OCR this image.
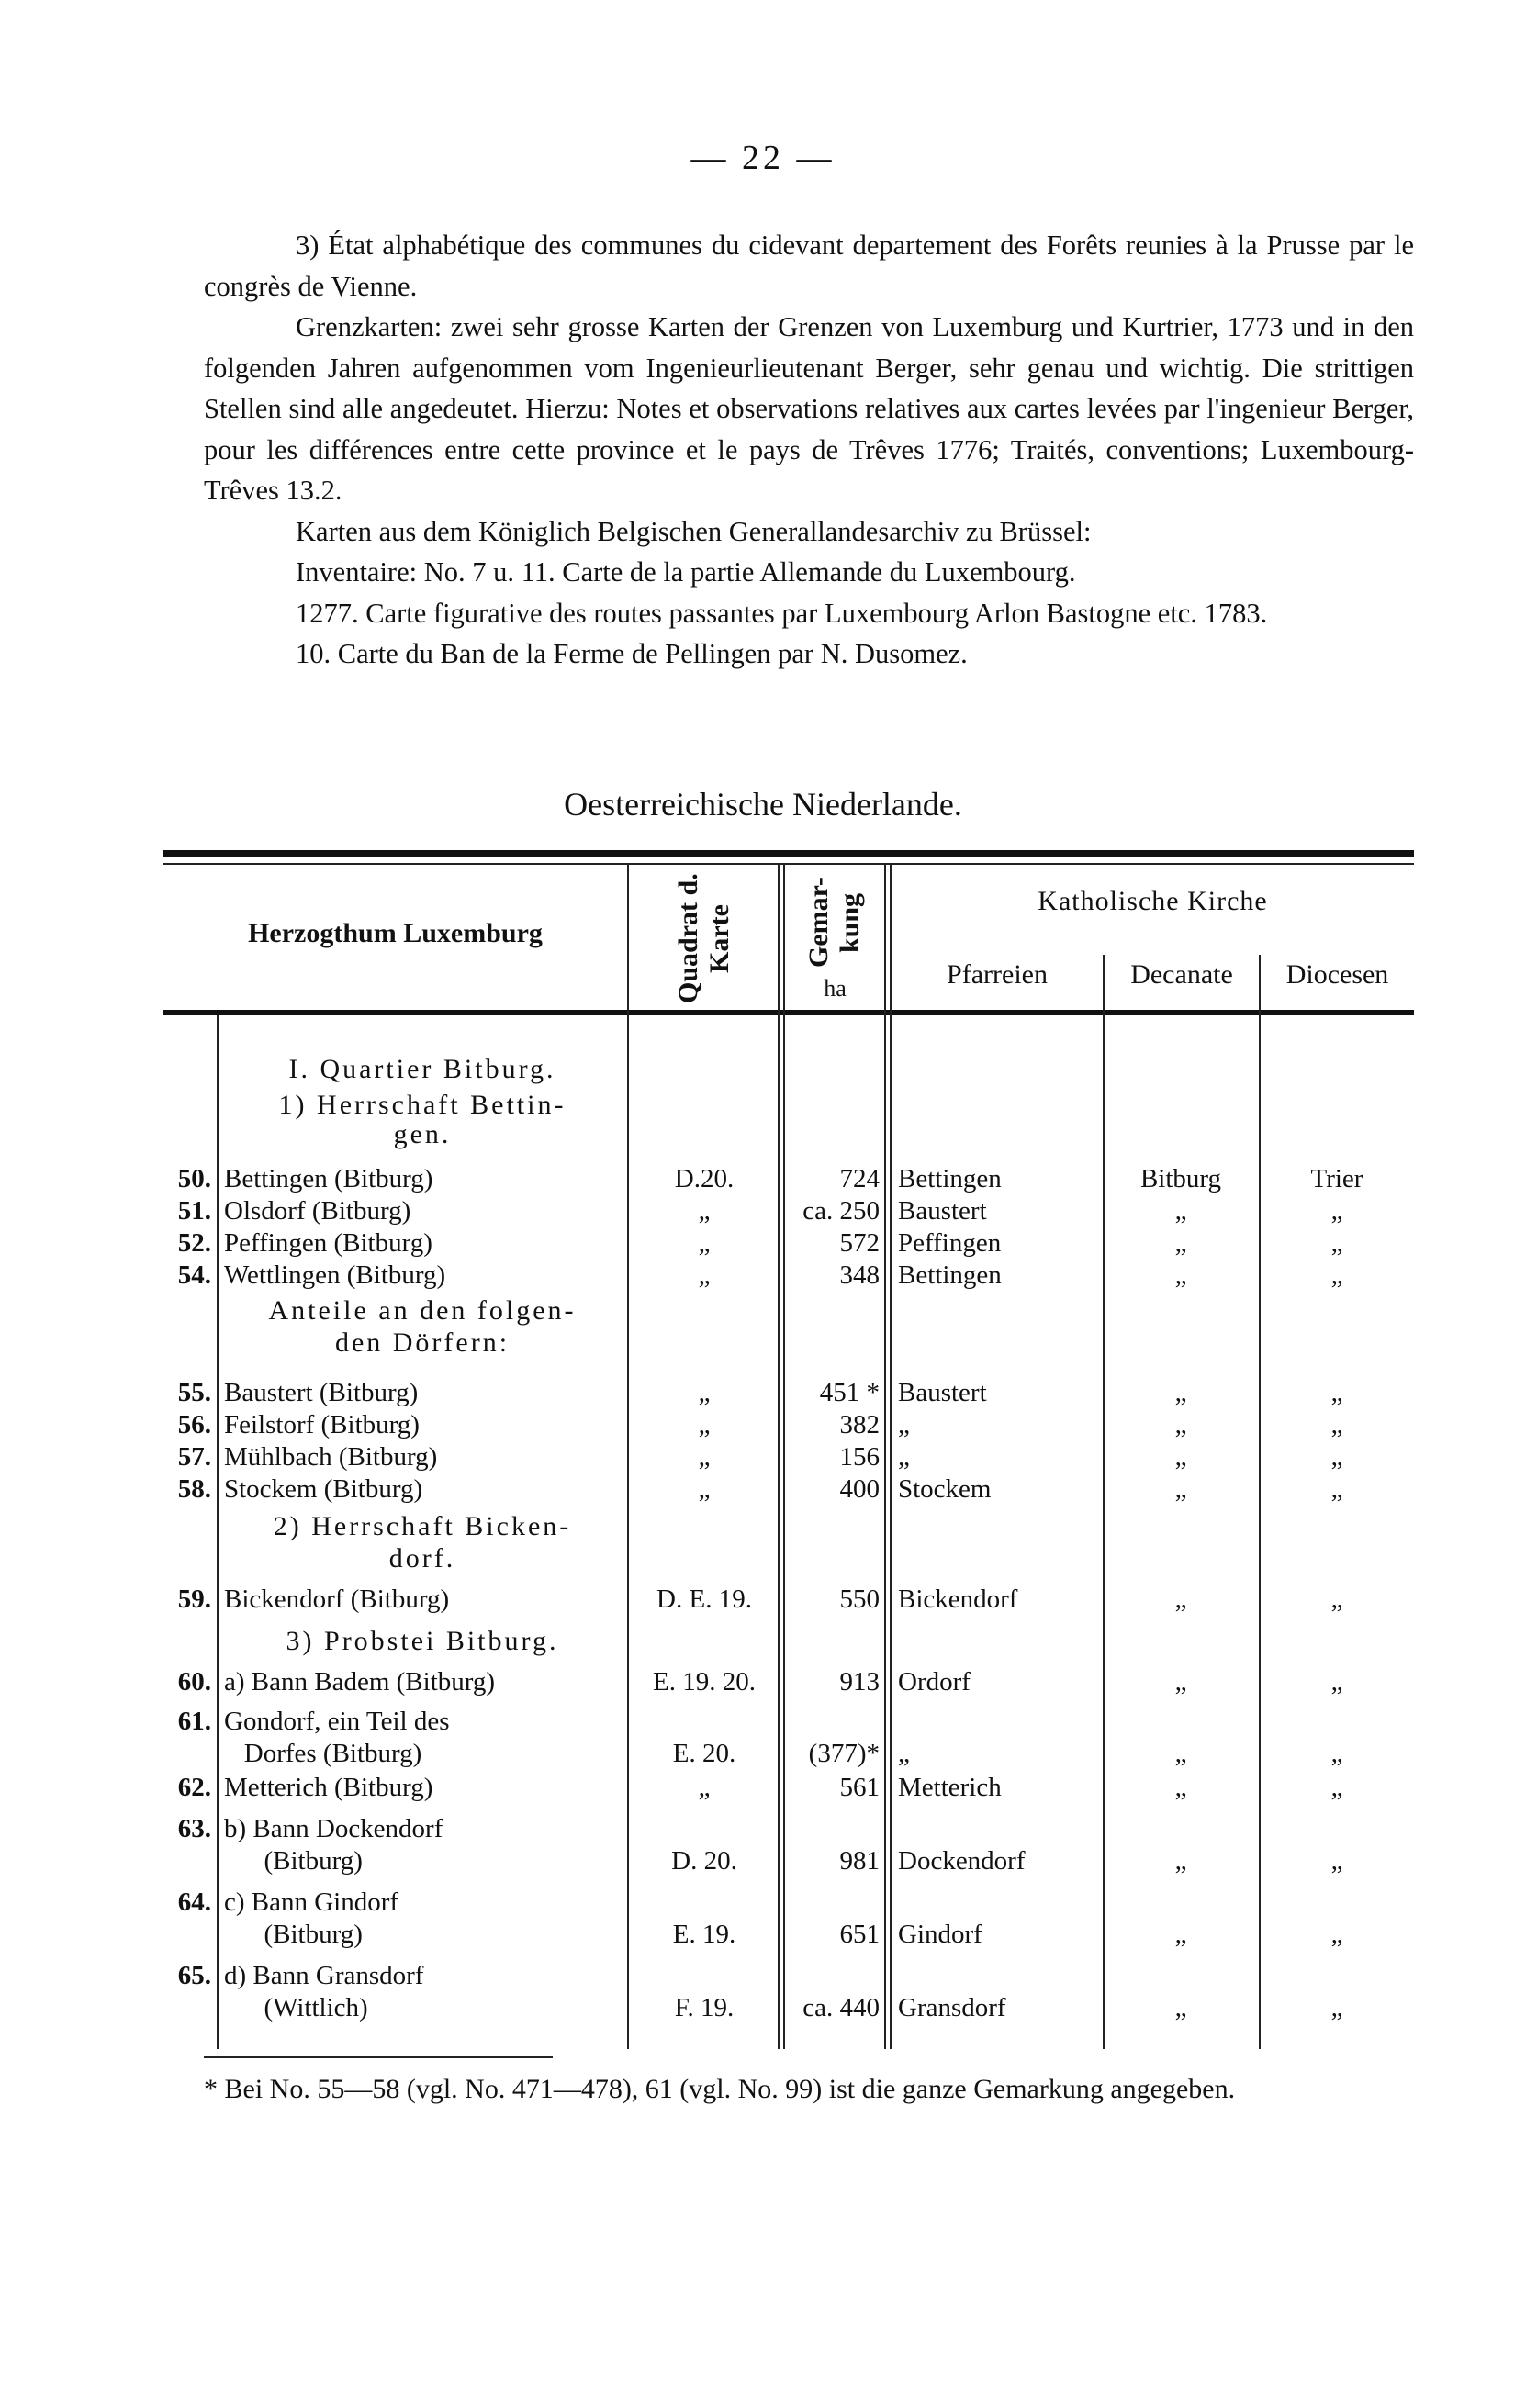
— 22 —

3) État alphabétique des communes du cidevant departement des Forêts reunies à la Prusse par le congrès de Vienne.

Grenzkarten: zwei sehr grosse Karten der Grenzen von Luxemburg und Kurtrier, 1773 und in den folgenden Jahren aufgenommen vom Ingenieurlieutenant Berger, sehr genau und wichtig. Die strittigen Stellen sind alle angedeutet. Hierzu: Notes et observations relatives aux cartes levées par l'ingenieur Berger, pour les différences entre cette province et le pays de Trêves 1776; Traités, conventions; Luxembourg-Trêves 13.2.

Karten aus dem Königlich Belgischen Generallandesarchiv zu Brüssel:

Inventaire: No. 7 u. 11. Carte de la partie Allemande du Luxembourg.

1277. Carte figurative des routes passantes par Luxembourg Arlon Bastogne etc. 1783.

10. Carte du Ban de la Ferme de Pellingen par N. Dusomez.

Oesterreichische Niederlande.
Herzogthum Luxemburg	Quadrat d. Karte	Gemar-kung
ha
Katholische Kirche
Pfarreien	Decanate	Diocesen
I. Quartier Bitburg.
1) Herrschaft Bettin-
gen.
50. Bettingen (Bitburg)	D.20.	724 Bettingen	Bitburg	Trier
51. Olsdorf (Bitburg)	„	ca. 250 Baustert	„	„
52. Peffingen (Bitburg)	„	572 Peffingen	„	„
54. Wettlingen (Bitburg)	„	348 Bettingen	„	„
Anteile an den folgen-
den Dörfern:
55. Baustert (Bitburg)	„	451 * Baustert	„	„
56. Feilstorf (Bitburg)	„	382 „	„	„
57. Mühlbach (Bitburg)	„	156 „	„	„
58. Stockem (Bitburg)	„	400 Stockem	„	„
2) Herrschaft Bicken-
dorf.
59. Bickendorf (Bitburg)	D. E. 19.	550 Bickendorf	„	„
3) Probstei Bitburg.
60. a) Bann Badem (Bitburg)	E. 19. 20.	913 Ordorf	„	„
61. Gondorf, ein Teil des
Dorfes (Bitburg)	E. 20.	(377)* „	„	„
62. Metterich (Bitburg)	„	561 Metterich	„	„
63. b) Bann Dockendorf
(Bitburg)	D. 20.	981 Dockendorf	„	„
64. c) Bann Gindorf
(Bitburg)	E. 19.	651 Gindorf	„	„
65. d) Bann Gransdorf
(Wittlich)	F. 19.	ca. 440 Gransdorf	„	„
* Bei No. 55—58 (vgl. No. 471—478), 61 (vgl. No. 99) ist die ganze Gemarkung angegeben.
